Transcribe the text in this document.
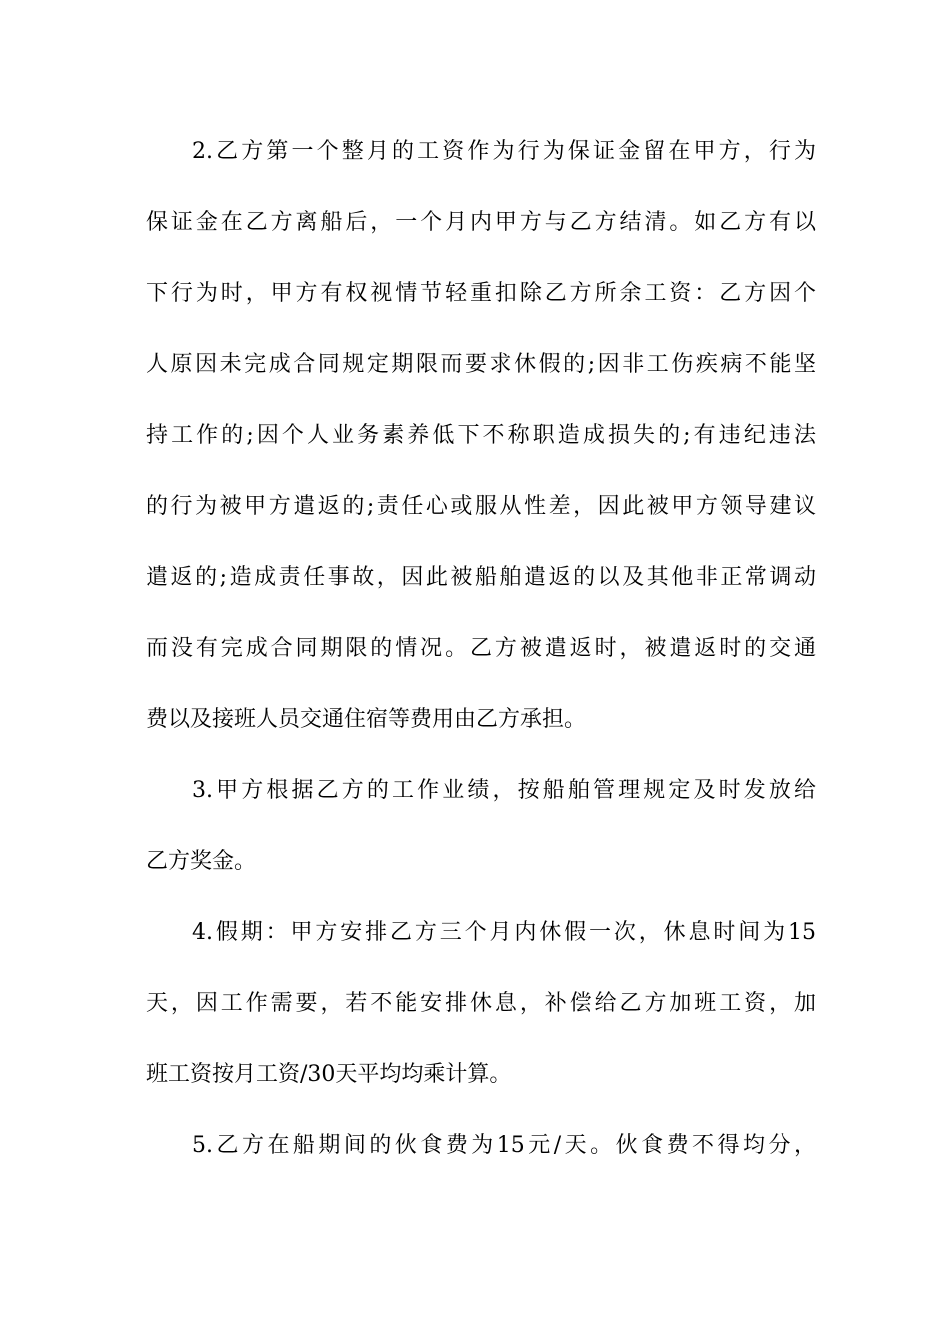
2.乙方第一个整月的工资作为行为保证金留在甲方，行为
保证金在乙方离船后，一个月内甲方与乙方结清。如乙方有以
下行为时，甲方有权视情节轻重扣除乙方所余工资：乙方因个
人原因未完成合同规定期限而要求休假的;因非工伤疾病不能坚
持工作的;因个人业务素养低下不称职造成损失的;有违纪违法
的行为被甲方遣返的;责任心或服从性差，因此被甲方领导建议
遣返的;造成责任事故，因此被船舶遣返的以及其他非正常调动
而没有完成合同期限的情况。乙方被遣返时，被遣返时的交通
费以及接班人员交通住宿等费用由乙方承担。
3.甲方根据乙方的工作业绩，按船舶管理规定及时发放给
乙方奖金。
4.假期：甲方安排乙方三个月内休假一次，休息时间为15
天，因工作需要，若不能安排休息，补偿给乙方加班工资，加
班工资按月工资/30天平均均乘计算。
5.乙方在船期间的伙食费为15元/天。伙食费不得均分，
